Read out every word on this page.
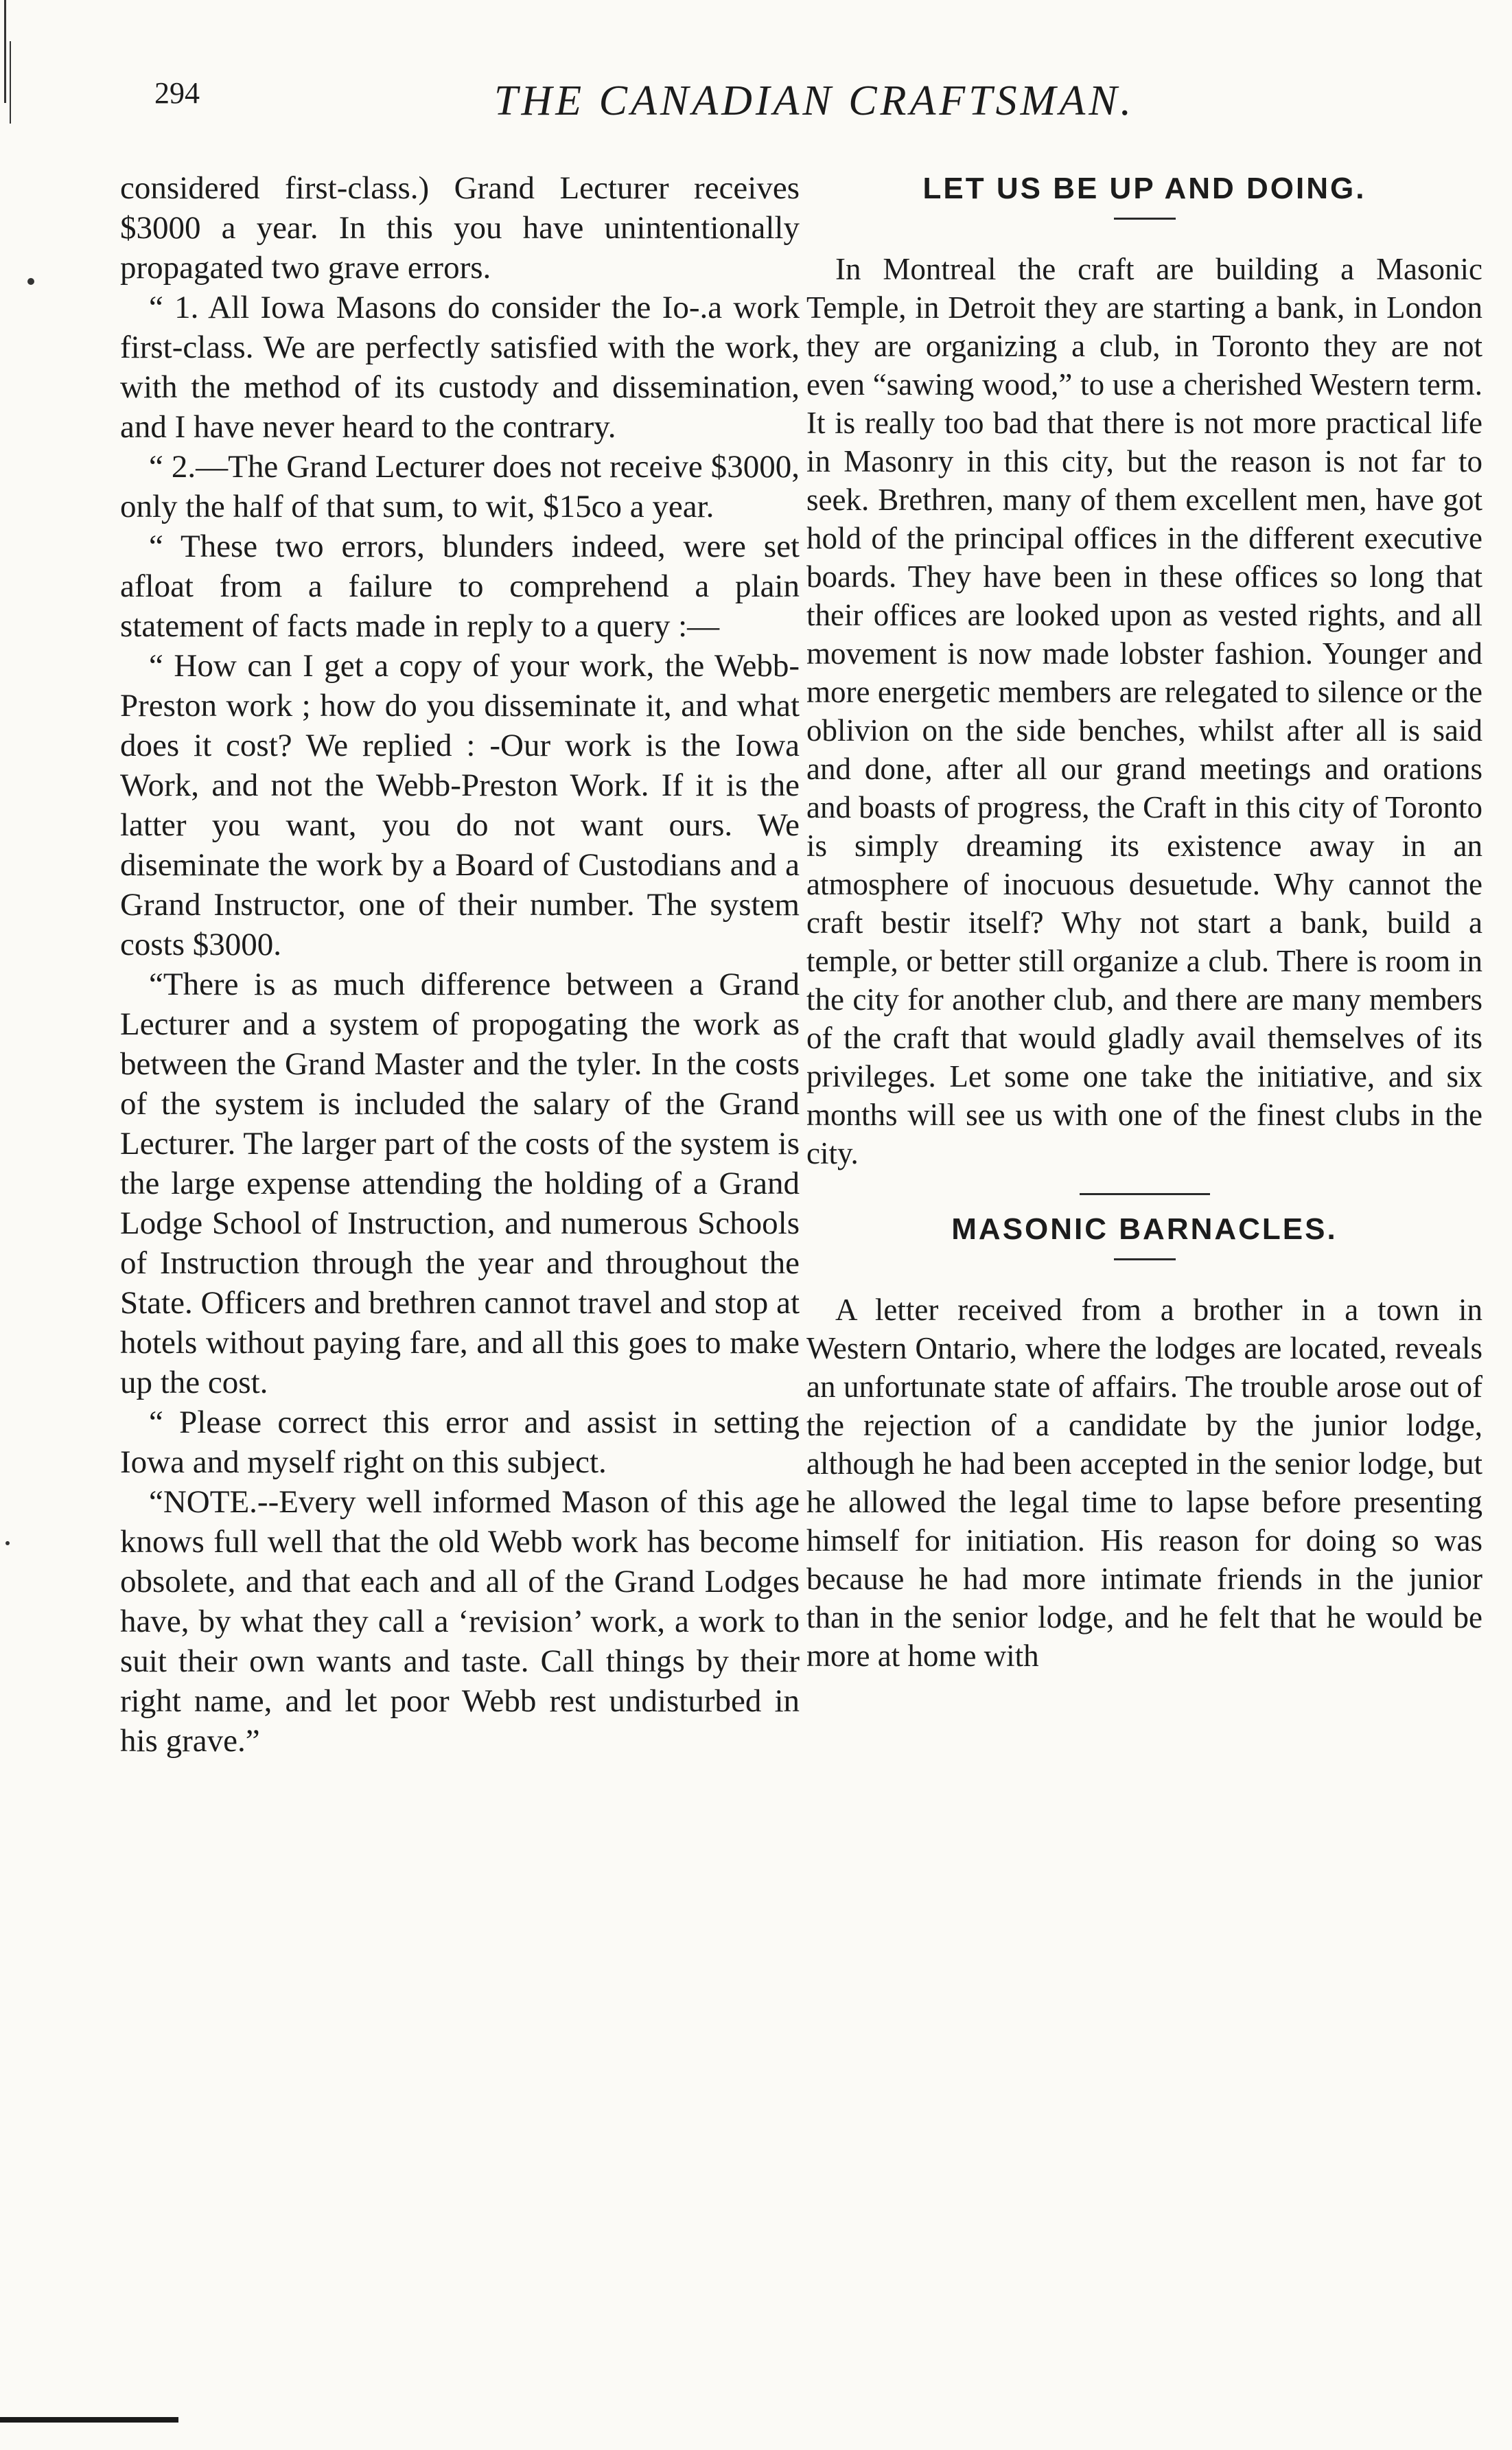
294	THE CANADIAN CRAFTSMAN.

considered first-class.) Grand Lecturer receives $3000 a year. In this you have unintentionally propagated two grave errors.

“ 1. All Iowa Masons do consider the Io-.a work first-class. We are perfectly satisfied with the work, with the method of its custody and dissemination, and I have never heard to the contrary.

“ 2.—The Grand Lecturer does not receive $3000, only the half of that sum, to wit, $15co a year.

“ These two errors, blunders indeed, were set afloat from a failure to comprehend a plain statement of facts made in reply to a query :—

“ How can I get a copy of your work, the Webb-Preston work ; how do you disseminate it, and what does it cost? We replied : -Our work is the Iowa Work, and not the Webb-Preston Work. If it is the latter you want, you do not want ours. We diseminate the work by a Board of Custodians and a Grand Instructor, one of their number. The system costs $3000.

“There is as much difference between a Grand Lecturer and a system of propogating the work as between the Grand Master and the tyler. In the costs of the system is included the salary of the Grand Lecturer. The larger part of the costs of the system is the large expense attending the holding of a Grand Lodge School of Instruction, and numerous Schools of Instruction through the year and throughout the State. Officers and brethren cannot travel and stop at hotels without paying fare, and all this goes to make up the cost.

“ Please correct this error and assist in setting Iowa and myself right on this subject.

“NOTE.--Every well informed Mason of this age knows full well that the old Webb work has become obsolete, and that each and all of the Grand Lodges have, by what they call a ‘revision’ work, a work to suit their own wants and taste. Call things by their right name, and let poor Webb rest undisturbed in his grave.”

LET US BE UP AND DOING.

In Montreal the craft are building a Masonic Temple, in Detroit they are starting a bank, in London they are organizing a club, in Toronto they are not even “sawing wood,” to use a cherished Western term. It is really too bad that there is not more practical life in Masonry in this city, but the reason is not far to seek. Brethren, many of them excellent men, have got hold of the principal offices in the different executive boards. They have been in these offices so long that their offices are looked upon as vested rights, and all movement is now made lobster fashion. Younger and more energetic members are relegated to silence or the oblivion on the side benches, whilst after all is said and done, after all our grand meetings and orations and boasts of progress, the Craft in this city of Toronto is simply dreaming its existence away in an atmosphere of inocuous desuetude. Why cannot the craft bestir itself? Why not start a bank, build a temple, or better still organize a club. There is room in the city for another club, and there are many members of the craft that would gladly avail themselves of its privileges. Let some one take the initiative, and six months will see us with one of the finest clubs in the city.

MASONIC BARNACLES.

A letter received from a brother in a town in Western Ontario, where the lodges are located, reveals an unfortunate state of affairs. The trouble arose out of the rejection of a candidate by the junior lodge, although he had been accepted in the senior lodge, but he allowed the legal time to lapse before presenting himself for initiation. His reason for doing so was because he had more intimate friends in the junior than in the senior lodge, and he felt that he would be more at home with
